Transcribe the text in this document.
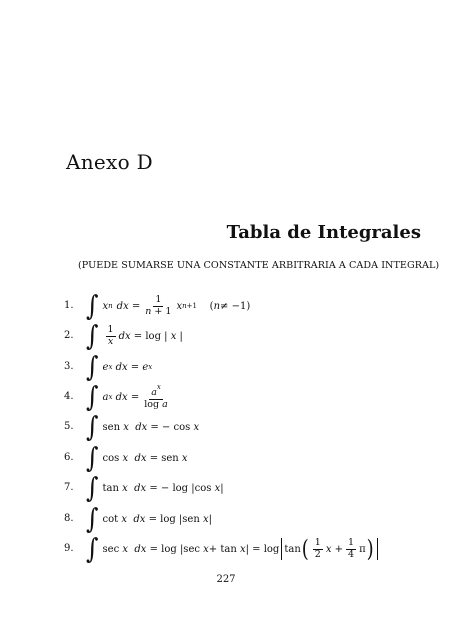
Anexo D
Tabla de Integrales
(PUEDE SUMARSE UNA CONSTANTE ARBITRARIA A CADA INTEGRAL)
1. ∫ x n dx = $\frac{1}{n + 1}$ x n+1 ( n ≠ −1)
2. ∫ $\frac{1}{x}$ dx = log | x |
3. ∫ e x
dx = e x
4. ∫ a x
dx = $\frac{a^x}{\text{log a}}$
5. ∫ sen x
dx = − cos x
6. ∫ cos x
dx = sen x
7. ∫ tan x
dx = − log |cos x |
8. ∫ cot x
dx = log |sen x |
9. ∫ sec x
dx = log |sec x + tan x | = log tan ( $\frac{1}{2}$ $x + \frac{1}{4}$ π )
227
